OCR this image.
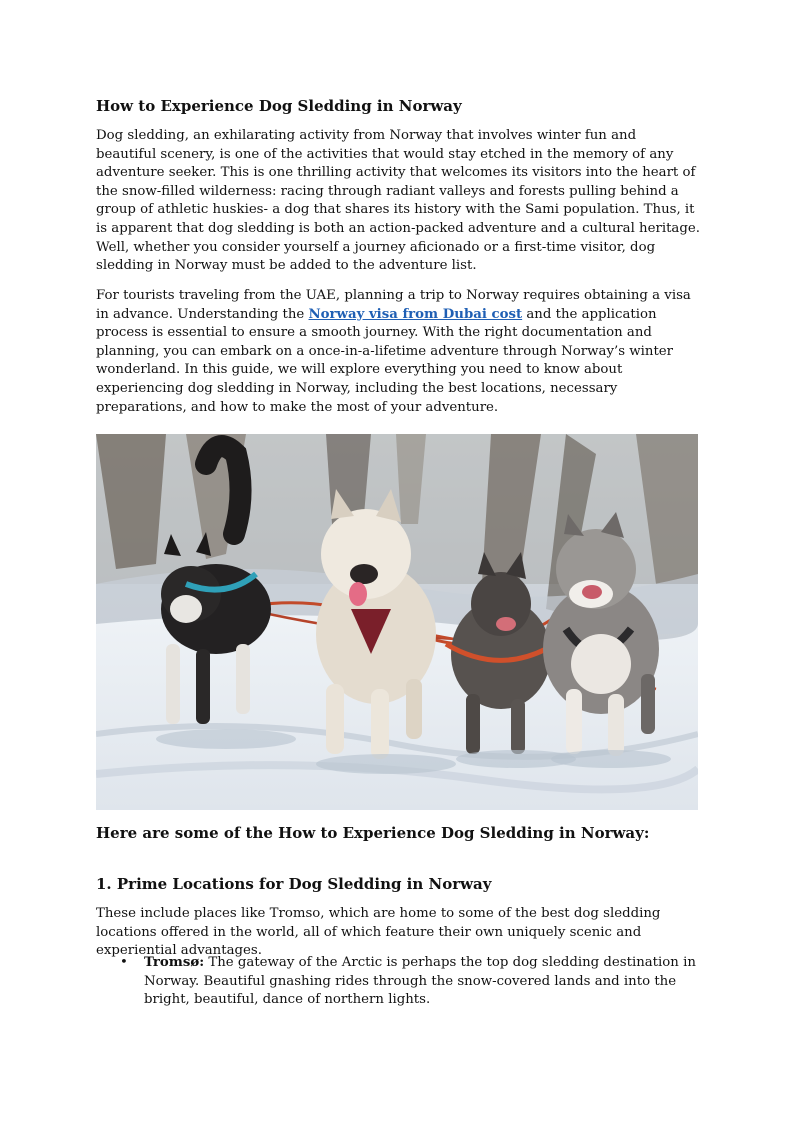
How to Experience Dog Sledding in Norway

Dog sledding, an exhilarating activity from Norway that involves winter fun and beautiful scenery, is one of the activities that would stay etched in the memory of any adventure seeker. This is one thrilling activity that welcomes its visitors into the heart of the snow-filled wilderness: racing through radiant valleys and forests pulling behind a group of athletic huskies- a dog that shares its history with the Sami population. Thus, it is apparent that dog sledding is both an action-packed adventure and a cultural heritage. Well, whether you consider yourself a journey aficionado or a first-time visitor, dog sledding in Norway must be added to the adventure list.

For tourists traveling from the UAE, planning a trip to Norway requires obtaining a visa in advance. Understanding the Norway visa from Dubai cost and the application process is essential to ensure a smooth journey. With the right documentation and planning, you can embark on a once-in-a-lifetime adventure through Norway’s winter wonderland. In this guide, we will explore everything you need to know about experiencing dog sledding in Norway, including the best locations, necessary preparations, and how to make the most of your adventure.

Here are some of the How to Experience Dog Sledding in Norway:
1. Prime Locations for Dog Sledding in Norway

These include places like Tromso, which are home to some of the best dog sledding locations offered in the world, all of which feature their own uniquely scenic and experiential advantages.

• Tromsø: The gateway of the Arctic is perhaps the top dog sledding destination in Norway. Beautiful gnashing rides through the snow-covered lands and into the bright, beautiful, dance of northern lights.
